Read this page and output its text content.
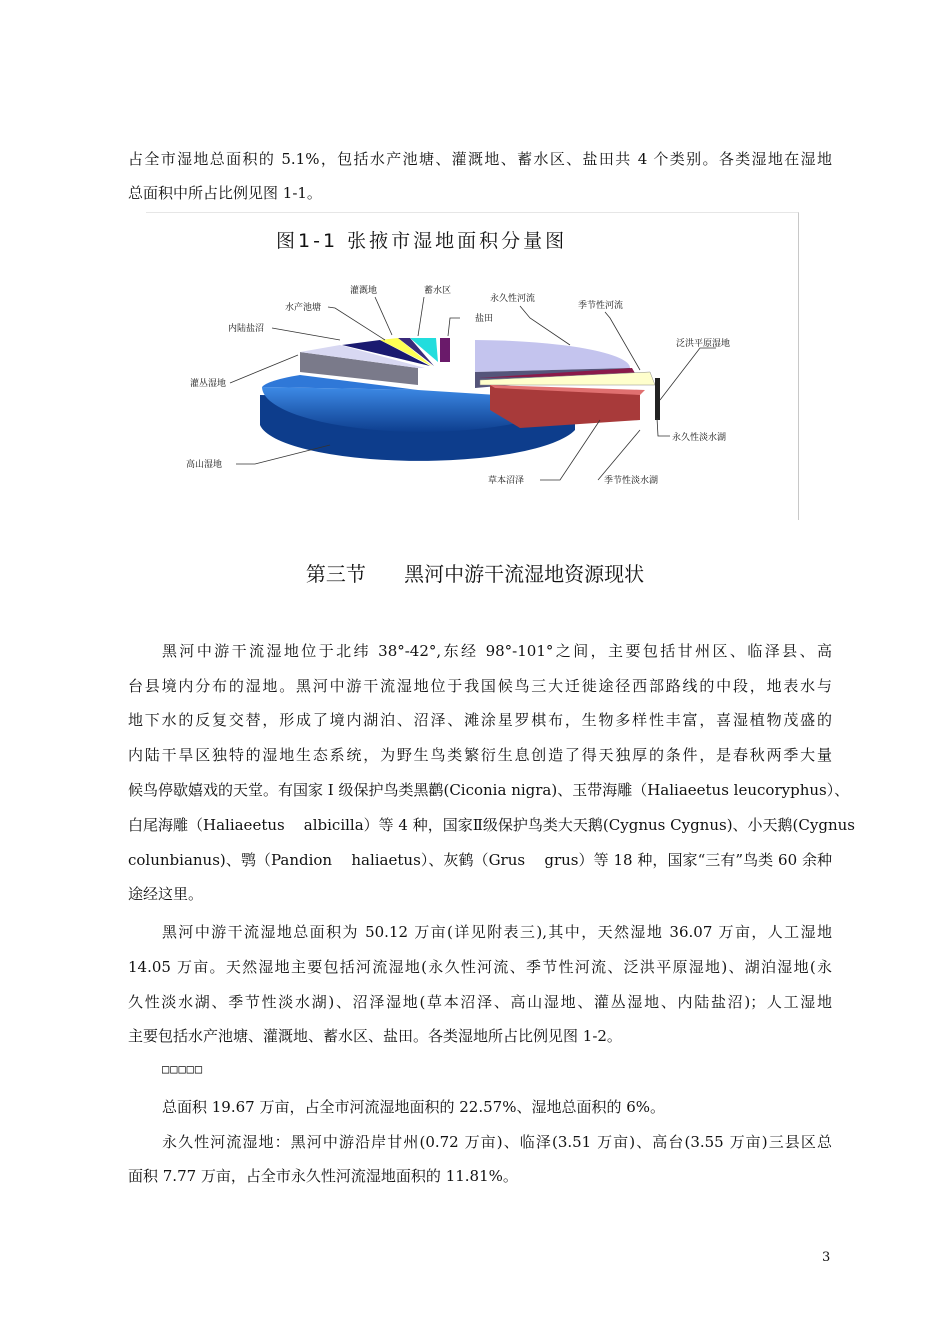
占全市湿地总面积的 5.1%，包括水产池塘、灌溉地、蓄水区、盐田共 4 个类别。各类湿地在湿地

总面积中所占比例见图 1-1。

图1-1 张掖市湿地面积分量图
灌溉地	蓄水区
水产池塘
永久性河流
季节性河流
盐田
内陆盐沼
泛洪平原湿地
灌丛湿地
永久性淡水湖
高山湿地
草本沼泽	季节性淡水湖
第三节      黑河中游干流湿地资源现状

黑河中游干流湿地位于北纬 38°-42°,东经 98°-101°之间，主要包括甘州区、临泽县、高

台县境内分布的湿地。黑河中游干流湿地位于我国候鸟三大迁徙途径西部路线的中段，地表水与

地下水的反复交替，形成了境内湖泊、沼泽、滩涂星罗棋布，生物多样性丰富，喜湿植物茂盛的

内陆干旱区独特的湿地生态系统，为野生鸟类繁衍生息创造了得天独厚的条件，是春秋两季大量

候鸟停歇嬉戏的天堂。有国家 I 级保护鸟类黑鹳(Ciconia nigra)、玉带海雕（Haliaeetus leucoryphus）、

白尾海雕（Haliaeetus    albicilla）等 4 种，国家Ⅱ级保护鸟类大天鹅(Cygnus Cygnus)、小天鹅(Cygnus

colunbianus)、鹗（Pandion    haliaetus）、灰鹤（Grus    grus）等 18 种，国家“三有”鸟类 60 余种

途经这里。

黑河中游干流湿地总面积为 50.12 万亩(详见附表三),其中，天然湿地 36.07 万亩，人工湿地

14.05 万亩。天然湿地主要包括河流湿地(永久性河流、季节性河流、泛洪平原湿地)、湖泊湿地(永

久性淡水湖、季节性淡水湖)、沼泽湿地(草本沼泽、高山湿地、灌丛湿地、内陆盐沼)；人工湿地

主要包括水产池塘、灌溉地、蓄水区、盐田。各类湿地所占比例见图 1-2。

□□□□□

总面积 19.67 万亩，占全市河流湿地面积的 22.57%、湿地总面积的 6%。

永久性河流湿地：黑河中游沿岸甘州(0.72 万亩)、临泽(3.51 万亩)、高台(3.55 万亩)三县区总

面积 7.77 万亩，占全市永久性河流湿地面积的 11.81%。

3
